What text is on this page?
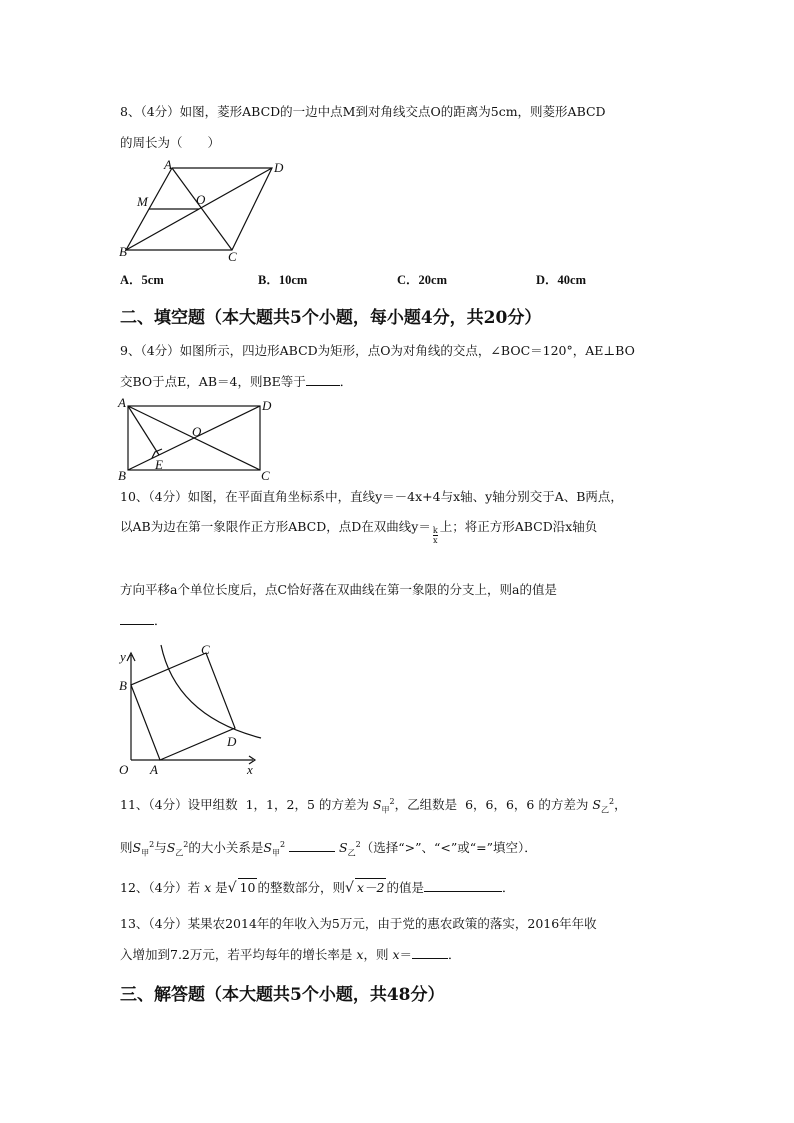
8、（4分）如图，菱形ABCD的一边中点M到对角线交点O的距离为5cm，则菱形ABCD
的周长为（　　）
A	D
M	O
B	C
A．5cm	B．10cm	C．20cm	D．40cm
二、填空题（本大题共5个小题，每小题4分，共20分）
9、（4分）如图所示，四边形ABCD为矩形，点O为对角线的交点，∠BOC＝120°，AE⊥BO
交BO于点E，AB＝4，则BE等于	．
A	D
O
E
B	C
10、（4分）如图，在平面直角坐标系中，直线y＝－4x+4与x轴、y轴分别交于A、B两点，
以AB为边在第一象限作正方形ABCD，点D在双曲线$y= \frac{k}{x}$ 上；将正方形ABCD沿x轴负
方向平移a个单位长度后，点C恰好落在双曲线在第一象限的分支上，则a的值是
．
y	C
B
D
O A	x
11、（4分）设甲组数 1，1，2，5 的方差为 $S_甲^2$，乙组数是 6，6，6，6 的方差为 $S_乙^2$，
则$S_甲^2$与$S_乙^2$的大小关系是$S_甲^2$	$S_乙^2$（选择“>”、“<”或“=”填空）．
12、（4分）若 x 是√ 10 的整数部分，则√ x－2 的值是	．
13、（4分）某果农2014年的年收入为5万元，由于党的惠农政策的落实，2016年年收
入增加到7.2万元，若平均每年的增长率是 x，则 x＝	．
三、解答题（本大题共5个小题，共48分）
